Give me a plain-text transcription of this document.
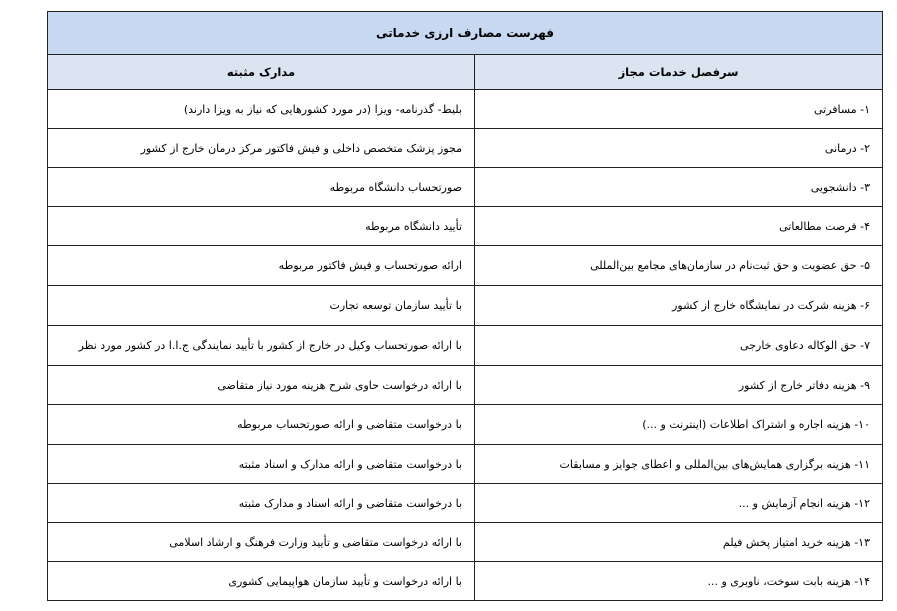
فهرست مصارف ارزی خدماتی
مدارک مثبته	سرفصل خدمات مجاز
بلیط- گذرنامه- ویزا (در مورد کشورهایی که نیاز به ویزا دارند)	۱- مسافرتی
مجوز پزشک متخصص داخلی و فیش فاکتور مرکز درمان خارج از کشور	۲- درمانی
صورتحساب دانشگاه مربوطه	۳- دانشجویی
تأیید دانشگاه مربوطه	۴- فرصت مطالعاتی
ارائه صورتحساب و فیش فاکتور مربوطه	۵- حق عضویت و حق ثبت‌نام در سازمان‌های مجامع بین‌المللی
با تأیید سازمان توسعه تجارت	۶- هزینه شرکت در نمایشگاه خارج از کشور
با ارائه صورتحساب وکیل در خارج از کشور با تأیید نمایندگی ج.ا.ا در کشور مورد نظر	۷- حق الوکاله دعاوی خارجی
با ارائه درخواست حاوی شرح هزینه مورد نیاز متقاضی	۹- هزینه دفاتر خارج از کشور
با درخواست متقاضی و ارائه صورتحساب مربوطه	۱۰- هزینه اجاره و اشتراک اطلاعات (اینترنت و ...)
با درخواست متقاضی و ارائه مدارک و اسناد مثبته	۱۱- هزینه برگزاری همایش‌های بین‌المللی و اعطای جوایز و مسابقات
با درخواست متقاضی و ارائه اسناد و مدارک مثبته	۱۲- هزینه انجام آزمایش و ...
با ارائه درخواست متقاضی و تأیید وزارت فرهنگ و ارشاد اسلامی	۱۳- هزینه خرید امتیاز پخش فیلم
با ارائه درخواست و تأیید سازمان هواپیمایی کشوری	۱۴- هزینه بابت سوخت، ناوبری و ...
